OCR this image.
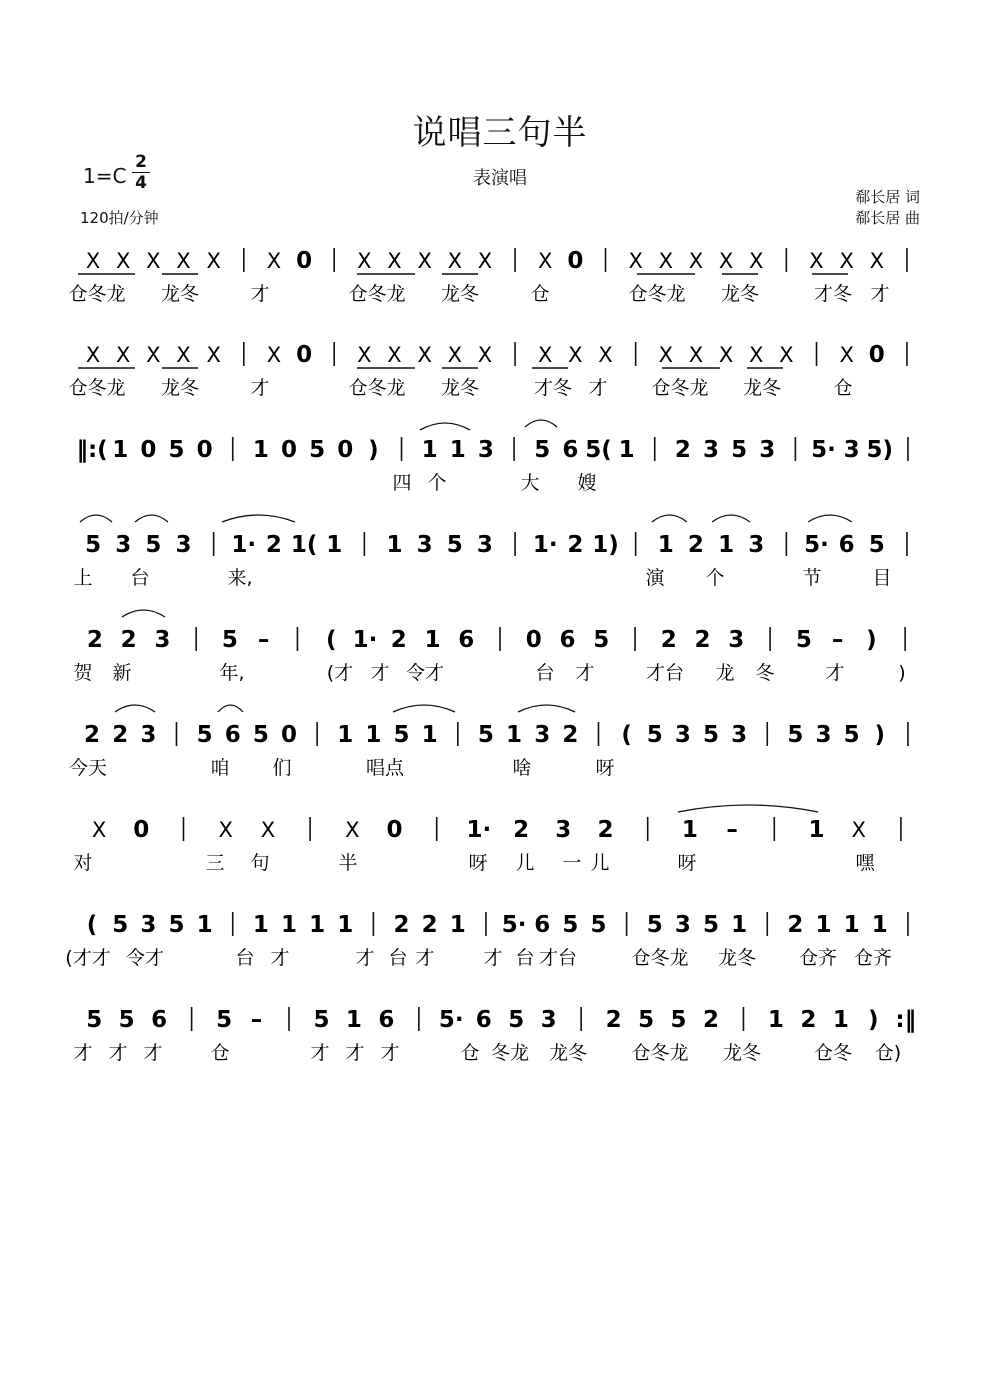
说唱三句半
表演唱
$1=C \frac{2}{4}$
120拍/分钟
郗长居 词
郗长居 曲
X X X X X X 0 X X X X X X 0 X X X X X X X X
仓冬龙 龙冬	才	仓冬龙 龙冬	仓	仓冬龙 龙冬	才冬 才
X X X X X X 0 X X X X X X X X X X X X X X 0
仓冬龙 龙冬	才	仓冬龙 龙冬	才冬 才 仓冬龙 龙冬	仓
‖:( 1 0 5 0 1 0 5 0 ) 1 1 3 5 6 5( 1 2 3 5 3 5· 3 5)
四 个	大 嫂
5 3 5 3 1· 2 1( 1 1 3 5 3 1· 2 1) 1 2 1 3 5· 6 5
上 台	来,	演 个	节	目
2 2 3 5 – ( 1· 2 1 6 0 6 5 2 2 3 5 – )
贺 新	年,	(才 才 令才	台 才	才台 龙 冬	才	)
2 2 3 5 6 5 0 1 1 5 1 5 1 3 2 ( 5 3 5 3 5 3 5 )
今天	咱 们	唱点	啥	呀
X 0	X X	X 0	1· 2 3 2	1 –	1 X
对	三 句	半	呀 儿 一 儿	呀	嘿
( 5 3 5 1 1 1 1 1 2 2 1 5· 6 5 5 5 3 5 1 2 1 1 1
(才才 令才	台 才	才 台 才	才 台 才台	仓冬龙 龙冬 仓齐 仓齐
5 5 6 5 – 5 1 6 5· 6 5 3 2 5 5 2 1 2 1 ) :‖
才 才 才	仓	才 才 才	仓 冬龙 龙冬 仓冬龙 龙冬	仓冬 仓)
